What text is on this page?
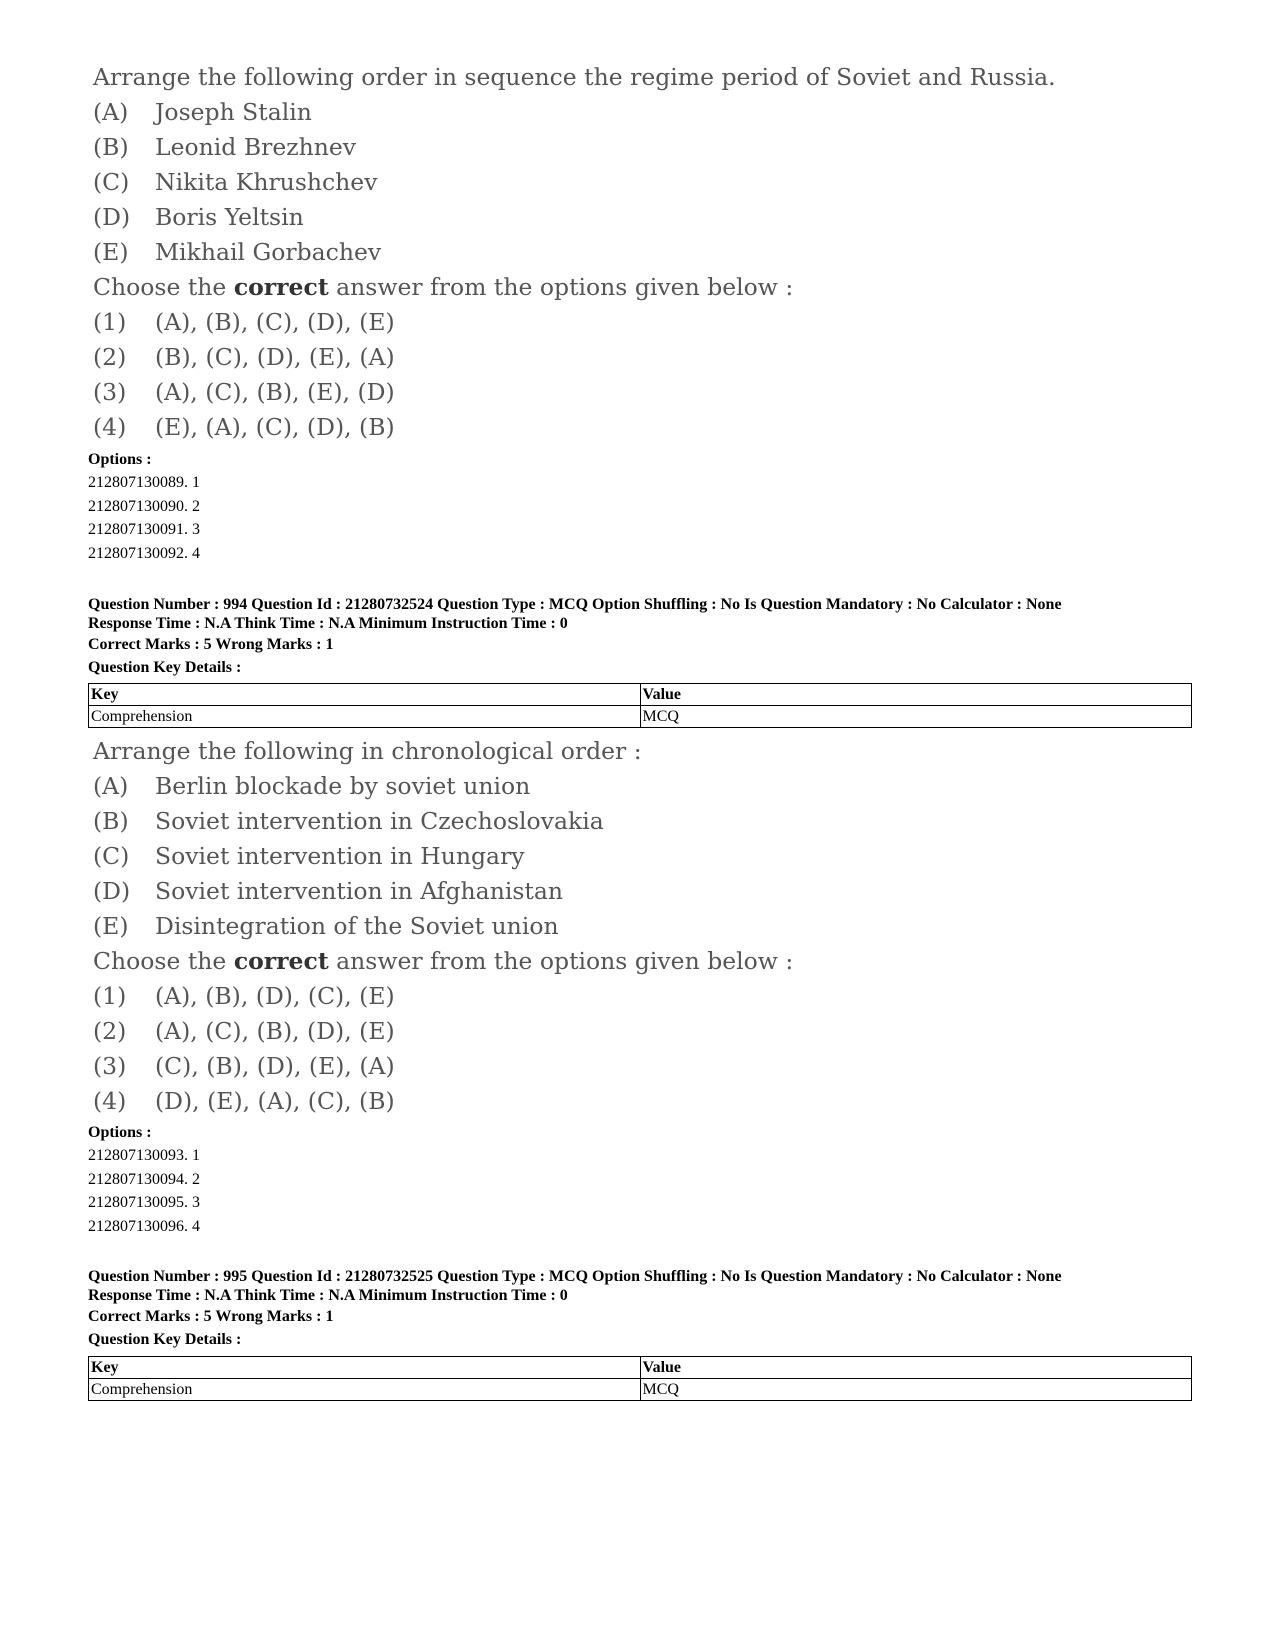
Arrange the following order in sequence the regime period of Soviet and Russia.
(A) Joseph Stalin
(B) Leonid Brezhnev
(C) Nikita Khrushchev
(D) Boris Yeltsin
(E) Mikhail Gorbachev
Choose the correct answer from the options given below :
(1) (A), (B), (C), (D), (E)
(2) (B), (C), (D), (E), (A)
(3) (A), (C), (B), (E), (D)
(4) (E), (A), (C), (D), (B)
Options :
212807130089. 1
212807130090. 2
212807130091. 3
212807130092. 4
Question Number : 994 Question Id : 21280732524 Question Type : MCQ Option Shuffling : No Is Question Mandatory : No Calculator : None
Response Time : N.A Think Time : N.A Minimum Instruction Time : 0
Correct Marks : 5 Wrong Marks : 1
Question Key Details :
Key	Value
Comprehension	MCQ
Arrange the following in chronological order :
(A) Berlin blockade by soviet union
(B) Soviet intervention in Czechoslovakia
(C) Soviet intervention in Hungary
(D) Soviet intervention in Afghanistan
(E) Disintegration of the Soviet union
Choose the correct answer from the options given below :
(1) (A), (B), (D), (C), (E)
(2) (A), (C), (B), (D), (E)
(3) (C), (B), (D), (E), (A)
(4) (D), (E), (A), (C), (B)
Options :
212807130093. 1
212807130094. 2
212807130095. 3
212807130096. 4
Question Number : 995 Question Id : 21280732525 Question Type : MCQ Option Shuffling : No Is Question Mandatory : No Calculator : None
Response Time : N.A Think Time : N.A Minimum Instruction Time : 0
Correct Marks : 5 Wrong Marks : 1
Question Key Details :
Key	Value
Comprehension	MCQ
